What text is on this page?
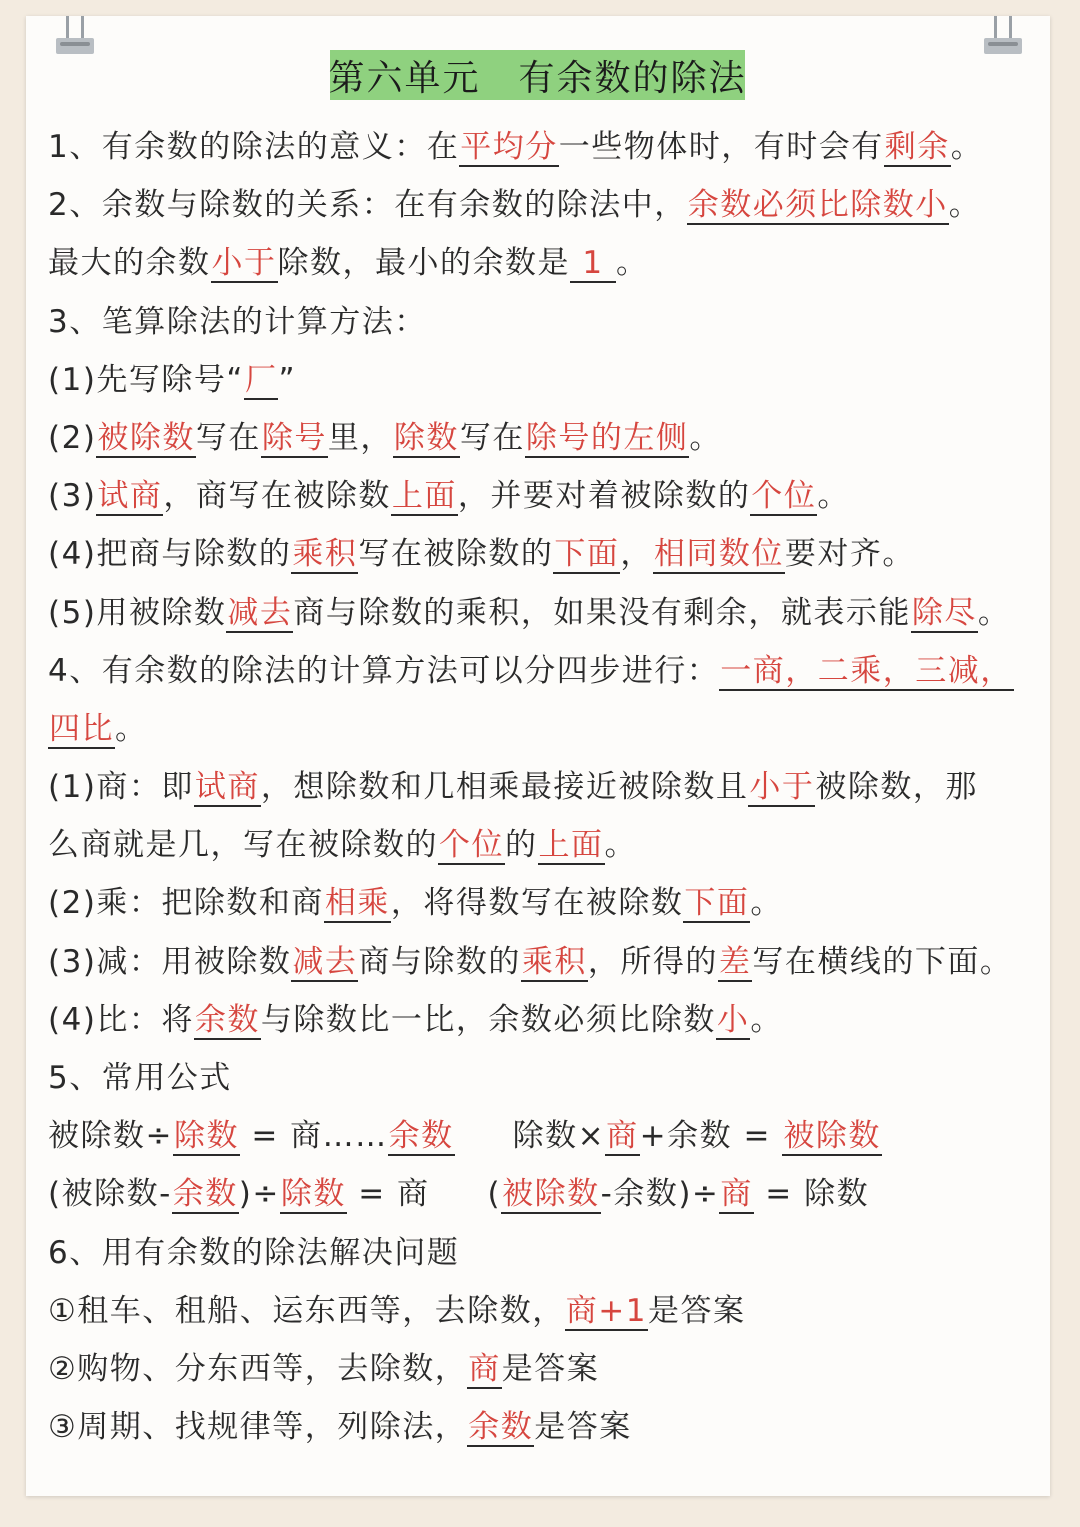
第六单元　有余数的除法
1、有余数的除法的意义：在平均分一些物体时，有时会有剩余。
2、余数与除数的关系：在有余数的除法中，余数必须比除数小。
最大的余数小于除数，最小的余数是 1 。
3、笔算除法的计算方法：
(1)先写除号“厂”
(2)被除数写在除号里，除数写在除号的左侧。
(3)试商，商写在被除数上面，并要对着被除数的个位。
(4)把商与除数的乘积写在被除数的下面，相同数位要对齐。
(5)用被除数减去商与除数的乘积，如果没有剩余，就表示能除尽。
4、有余数的除法的计算方法可以分四步进行：一商，二乘，三减，
四比。
(1)商：即试商，想除数和几相乘最接近被除数且小于被除数，那
么商就是几，写在被除数的个位的上面。
(2)乘：把除数和商相乘，将得数写在被除数下面。
(3)减：用被除数减去商与除数的乘积，所得的差写在横线的下面。
(4)比：将余数与除数比一比，余数必须比除数小。
5、常用公式
被除数÷除数 = 商……余数 除数×商+余数 = 被除数
(被除数-余数)÷除数 = 商 (被除数-余数)÷商 = 除数
6、用有余数的除法解决问题
①租车、租船、运东西等，去除数，商+1是答案
②购物、分东西等，去除数，商是答案
③周期、找规律等，列除法，余数是答案
